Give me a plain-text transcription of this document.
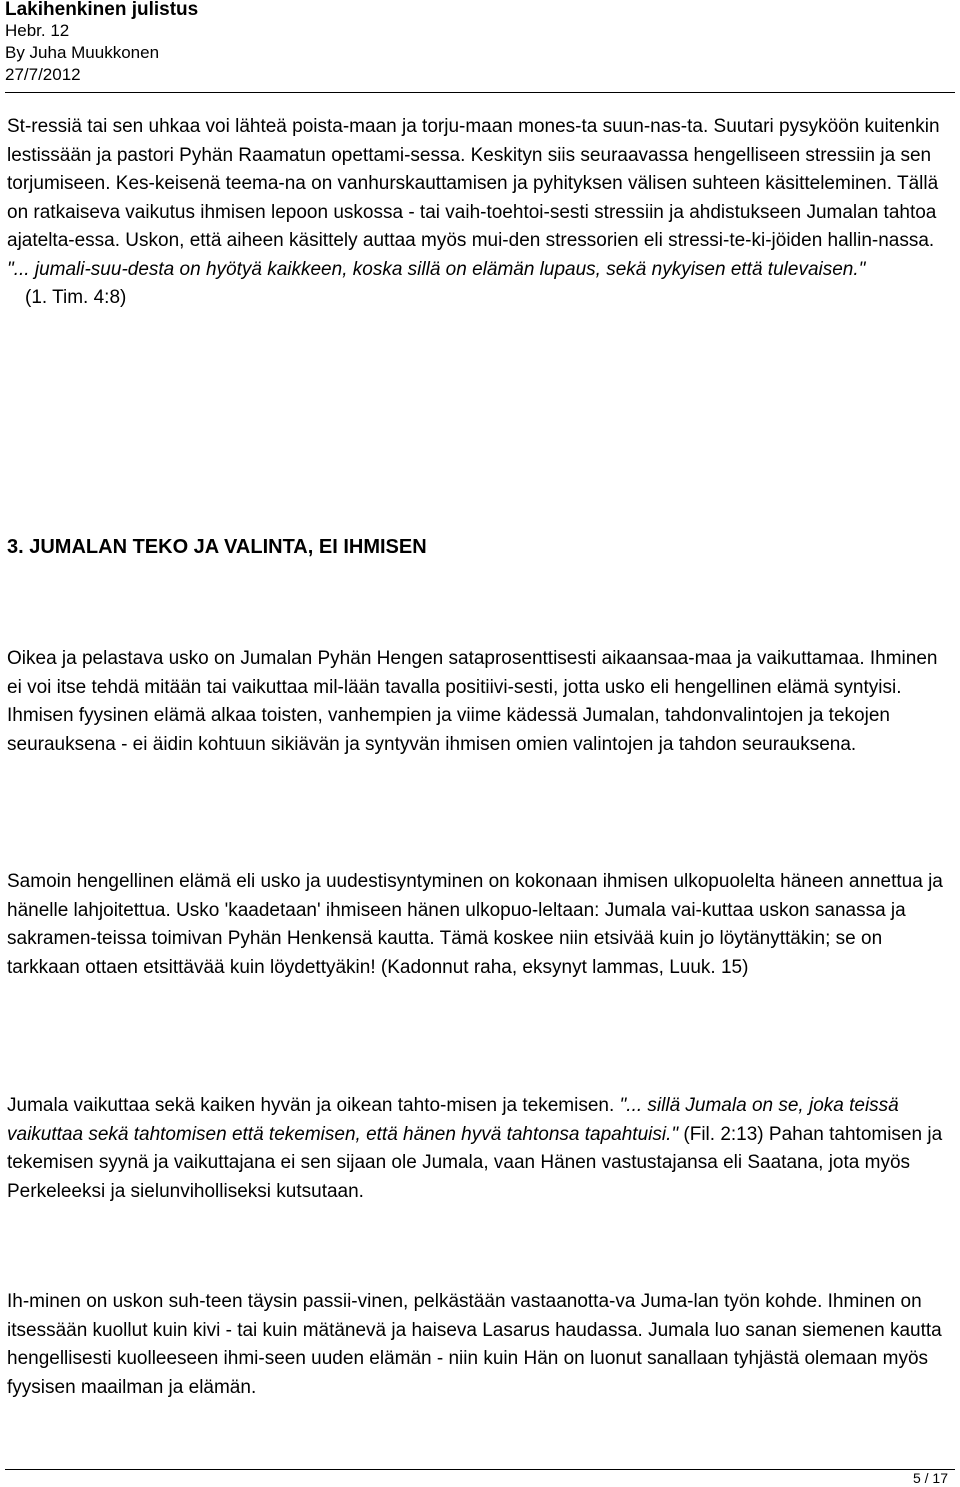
Lakihenkinen julistus
Hebr. 12
By Juha Muukkonen
27/7/2012

St-ressiä tai sen uhkaa voi lähteä poista-maan ja torju-maan mones-ta suun-nas-ta. Suutari pysyköön kuitenkin lestissään ja pastori Pyhän Raamatun opettami-sessa. Keskityn siis seuraavassa hengelliseen stressiin ja sen torjumiseen. Kes-keisenä teema-na on vanhurskauttamisen ja pyhityksen välisen suhteen käsitteleminen. Tällä on ratkaiseva vaikutus ihmisen lepoon uskossa - tai vaih-toehtoi-sesti stressiin ja ahdistukseen Jumalan tahtoa ajatelta-essa. Uskon, että aiheen käsittely auttaa myös mui-den stressorien eli stressi-te-ki-jöiden hallin-nassa. "... jumali-suu-desta on hyötyä kaikkeen, koska sillä on elämän lupaus, sekä nykyisen että tulevaisen."(1. Tim. 4:8)

3. JUMALAN TEKO JA VALINTA, EI IHMISEN

Oikea ja pelastava usko on Jumalan Pyhän Hengen sataprosenttisesti aikaansaa-maa ja vaikuttamaa. Ihminen ei voi itse tehdä mitään tai vaikuttaa mil-lään tavalla positiivi-sesti, jotta usko eli hengellinen elämä syntyisi. Ihmisen fyysinen elämä alkaa toisten, vanhempien ja viime kädessä Jumalan, tahdonvalintojen ja tekojen seurauksena - ei äidin kohtuun sikiävän ja syntyvän ihmisen omien valintojen ja tahdon seurauksena.

Samoin hengellinen elämä eli usko ja uudestisyntyminen on kokonaan ihmisen ulkopuolelta häneen annettua ja hänelle lahjoitettua. Usko 'kaadetaan' ihmiseen hänen ulkopuo-leltaan: Jumala vai-kuttaa uskon sanassa ja sakramen-teissa toimivan Pyhän Henkensä kautta. Tämä koskee niin etsivää kuin jo löytänyttäkin; se on tarkkaan ottaen etsittävää kuin löydettyäkin! (Kadonnut raha, eksynyt lammas, Luuk. 15)

Jumala vaikuttaa sekä kaiken hyvän ja oikean tahto-misen ja tekemisen. "... sillä Jumala on se, joka teissä vaikuttaa sekä tahtomisen että tekemisen, että hänen hyvä tahtonsa tapahtuisi." (Fil. 2:13) Pahan tahtomisen ja tekemisen syynä ja vaikuttajana ei sen sijaan ole Jumala, vaan Hänen vastustajansa eli Saatana, jota myös Perkeleeksi ja sielunviholliseksi kutsutaan.

Ih-minen on uskon suh-teen täysin passii-vinen, pelkästään vastaanotta-va Juma-lan työn kohde. Ihminen on itsessään kuollut kuin kivi - tai kuin mätänevä ja haiseva Lasarus haudassa. Jumala luo sanan siemenen kautta hengellisesti kuolleeseen ihmi-seen uuden elämän - niin kuin Hän on luonut sanallaan tyhjästä olemaan myös fyysisen maailman ja elämän.

5 / 17
